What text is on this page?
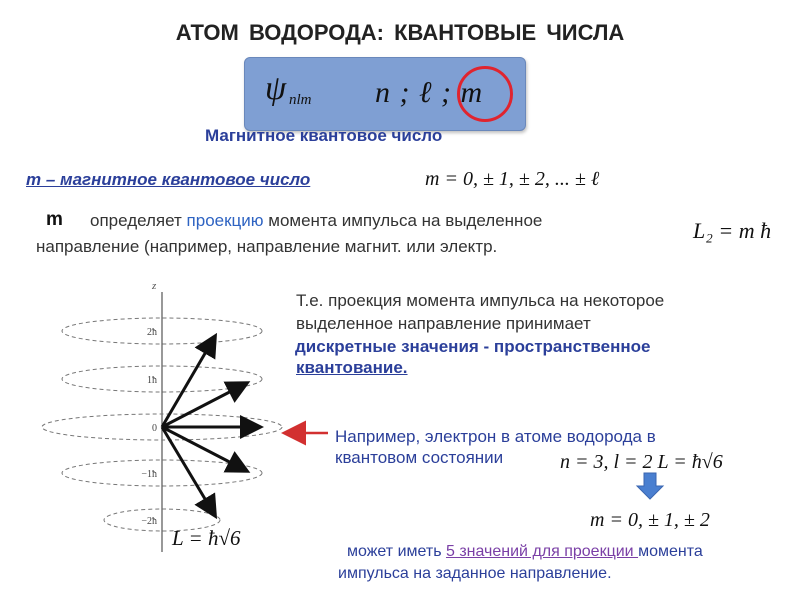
АТОМ ВОДОРОДА: КВАНТОВЫЕ ЧИСЛА
ψ nlm n ; ℓ ; m
Магнитное квантовое число
m – магнитное квантовое число	m = 0, ± 1, ± 2, ... ± ℓ
m определяет проекцию момента импульса на выделенное
направление (например, направление магнит. или электр.
L₂ = m ħ
Т.е. проекция момента импульса на некоторое
выделенное направление принимает
дискретные значения - пространственное
квантование.
Например, электрон в атоме водорода в
квантовом состоянии	n = 3, l = 2 L = ħ√6
m = 0, ± 1, ± 2
может иметь 5 значений для проекции момента
импульса на заданное направление.
z
2ħ
1ħ
0
−1ħ
−2ħ
L = ħ√6
